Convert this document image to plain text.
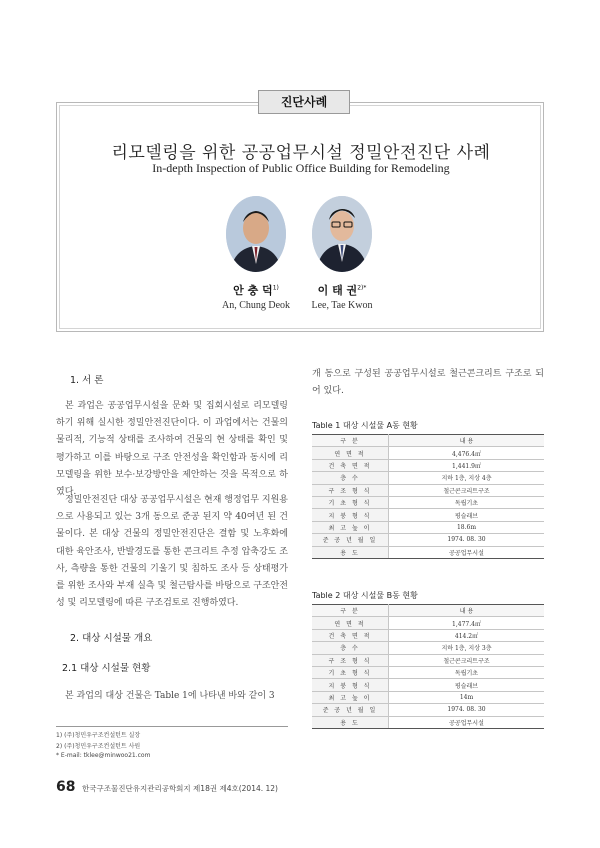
진단사례
리모델링을 위한 공공업무시설 정밀안전진단 사례
In-depth Inspection of Public Office Building for Remodeling
안 충 덕$^{1)}$	이 태 권$^{2)*}$
An, Chung Deok	Lee, Tae Kwon
1. 서 론
본 과업은 공공업무시설을 문화 및 집회시설로 리모델링 하기 위해 실시한 정밀안전진단이다. 이 과업에서는 건물의 물리적, 기능적 상태를 조사하여 건물의 현 상태를 확인 및 평가하고 이를 바탕으로 구조 안전성을 확인함과 동시에 리모델링을 위한 보수·보강방안을 제안하는 것을 목적으로 하였다.
정밀안전진단 대상 공공업무시설은 현재 행정업무 지원용으로 사용되고 있는 3개 동으로 준공 된지 약 40여년 된 건물이다. 본 대상 건물의 정밀안전진단은 결함 및 노후화에 대한 육안조사, 반발경도를 통한 콘크리트 추정 압축강도 조사, 측량을 통한 건물의 기울기 및 침하도 조사 등 상태평가를 위한 조사와 부재 실측 및 철근탐사를 바탕으로 구조안전성 및 리모델링에 따른 구조검토로 진행하였다.
2. 대상 시설물 개요
2.1 대상 시설물 현황
본 과업의 대상 건물은 Table 1에 나타낸 바와 같이 3
1) (주)청민우구조컨설턴트 실장
2) (주)청민우구조컨설턴트 사원
* E-mail: tklee@minwoo21.com
개 동으로 구성된 공공업무시설로 철근콘크리트 구조로 되어 있다.
Table 1 대상 시설물 A동 현황
구 분	내 용
연 면 적	4,476.4㎡
건 축 면 적	1,441.9㎡
층 수	지하 1층, 지상 4층
구 조 형 식	철근콘크리트구조
기 초 형 식	독립기초
지 붕 형 식	평슬래브
최 고 높 이	18.6m
준 공 년 월 일	1974. 08. 30
용 도	공공업무시설
Table 2 대상 시설물 B동 현황
구 분	내 용
연 면 적	1,477.4㎡
건 축 면 적	414.2㎡
층 수	지하 1층, 지상 3층
구 조 형 식	철근콘크리트구조
기 초 형 식	독립기초
지 붕 형 식	평슬래브
최 고 높 이	14m
준 공 년 월 일	1974. 08. 30
용 도	공공업무시설
68 한국구조물진단유지관리공학회지 제18권 제4호(2014. 12)
